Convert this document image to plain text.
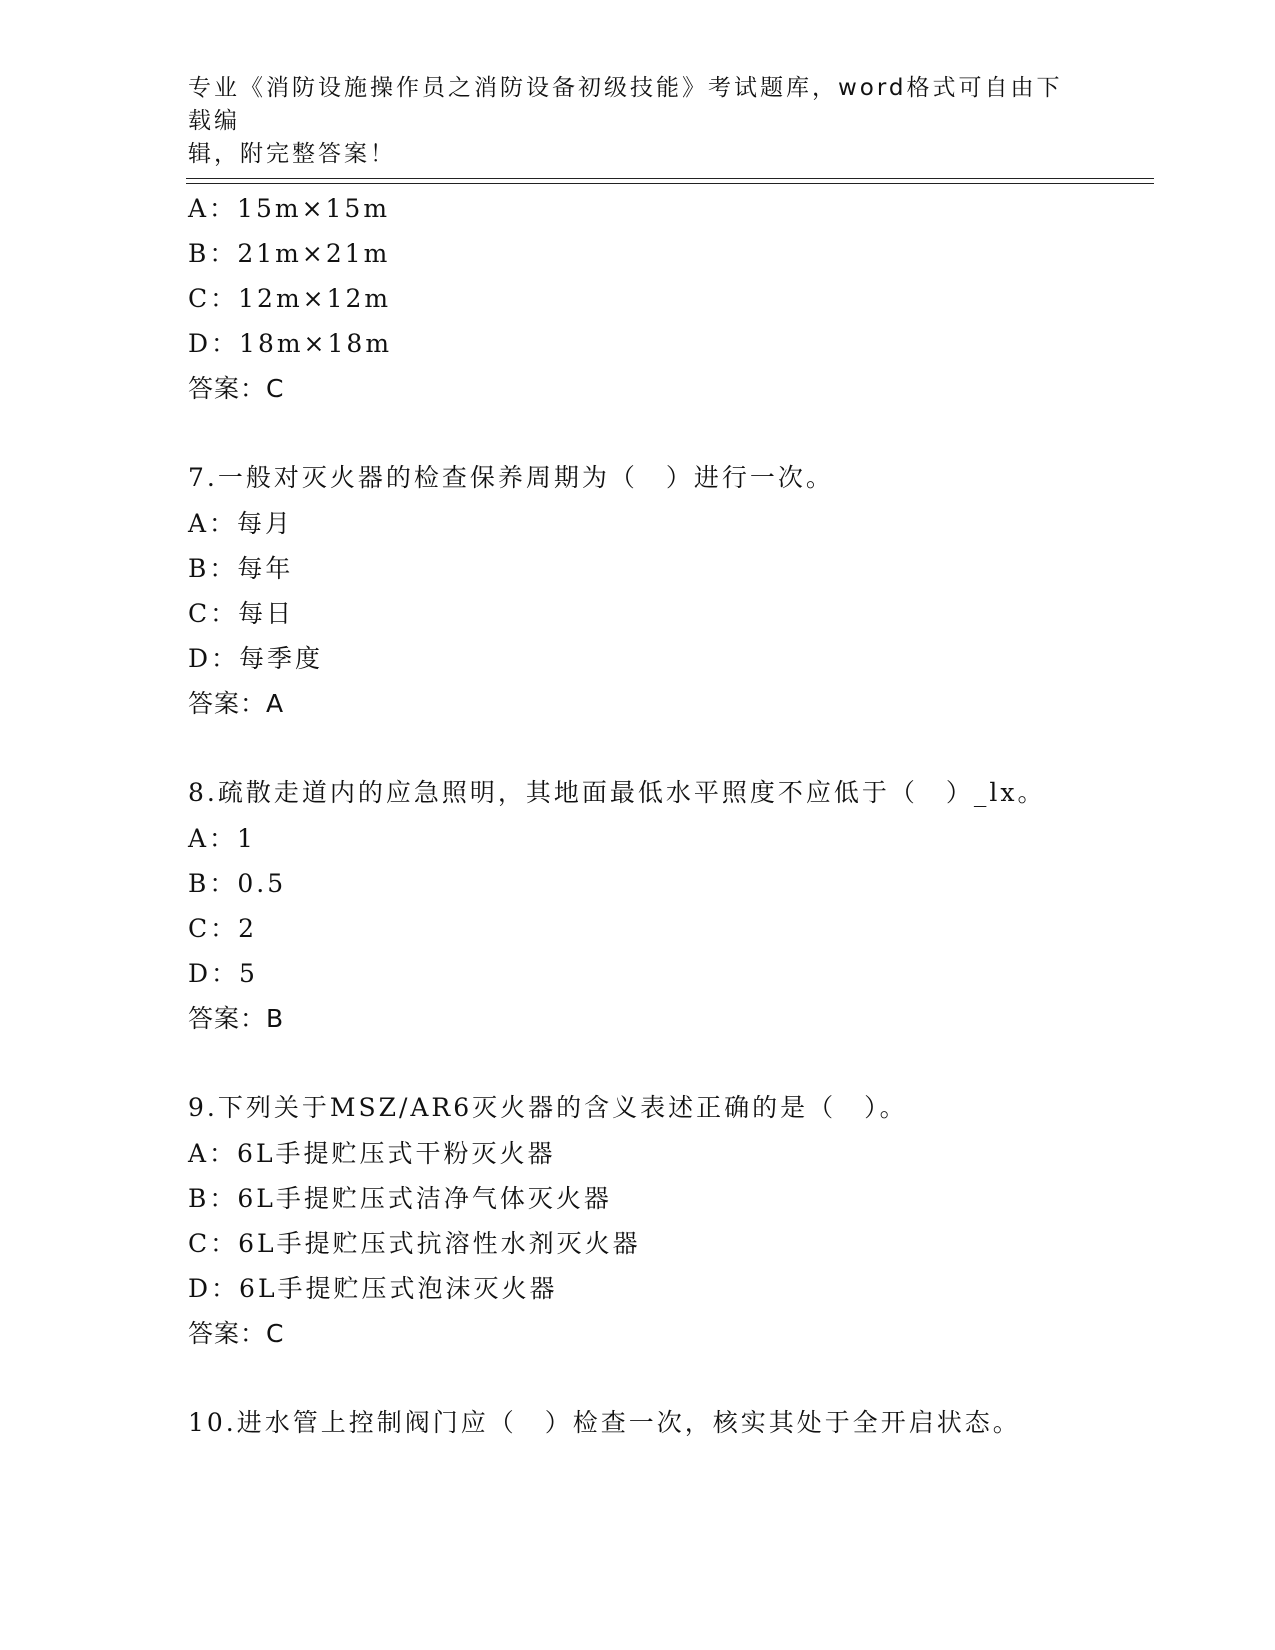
专业《消防设施操作员之消防设备初级技能》考试题库，word格式可自由下载编
辑，附完整答案！
A：15m×15m
B：21m×21m
C：12m×12m
D：18m×18m
答案：C
7.一般对灭火器的检查保养周期为（　）进行一次。
A：每月
B：每年
C：每日
D：每季度
答案：A
8.疏散走道内的应急照明，其地面最低水平照度不应低于（　）_lx。
A：1
B：0.5
C：2
D：5
答案：B
9.下列关于MSZ/AR6灭火器的含义表述正确的是（　）。
A：6L手提贮压式干粉灭火器
B：6L手提贮压式洁净气体灭火器
C：6L手提贮压式抗溶性水剂灭火器
D：6L手提贮压式泡沫灭火器
答案：C
10.进水管上控制阀门应（　）检查一次，核实其处于全开启状态。
